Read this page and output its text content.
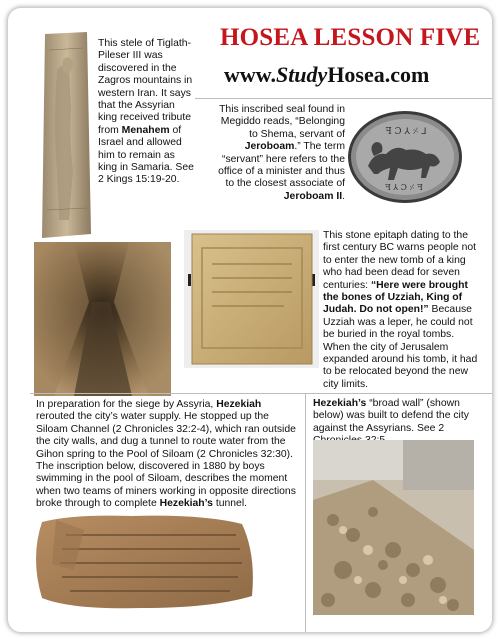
This stele of Tiglath-Pileser III was discovered in the Zagros mountains in western Iran. It says that the Assyrian king received tribute from Menahem of Israel and allowed him to remain as king in Samaria. See 2 Kings 15:19-20.
HOSEA LESSON FIVE
www.StudyHosea.com
This inscribed seal found in Megiddo reads, “Belonging to Shema, servant of Jeroboam.” The term “servant” here refers to the office of a minister and thus to the closest associate of Jeroboam II.
ꟻ Ɔ ⅄ ⸓ ⅃
ꟻ ⅄ Ɔ ⸓ ꟻ
This stone epitaph dating to the first century BC warns people not to enter the new tomb of a king who had been dead for seven centuries: “Here were brought the bones of Uzziah, King of Judah. Do not open!” Because Uzziah was a leper, he could not be buried in the royal tombs. When the city of Jerusalem expanded around his tomb, it had to be relocated beyond the new city limits.
In preparation for the siege by Assyria, Hezekiah rerouted the city’s water supply. He stopped up the Siloam Channel (2 Chronicles 32:2-4), which ran outside the city walls, and dug a tunnel to route water from the Gihon spring to the Pool of Siloam (2 Chronicles 32:30). The inscription below, discovered in 1880 by boys swimming in the pool of Siloam, describes the moment when two teams of miners working in opposite directions broke through to complete Hezekiah’s tunnel.
Hezekiah’s “broad wall” (shown below) was built to defend the city against the Assyrians. See 2
